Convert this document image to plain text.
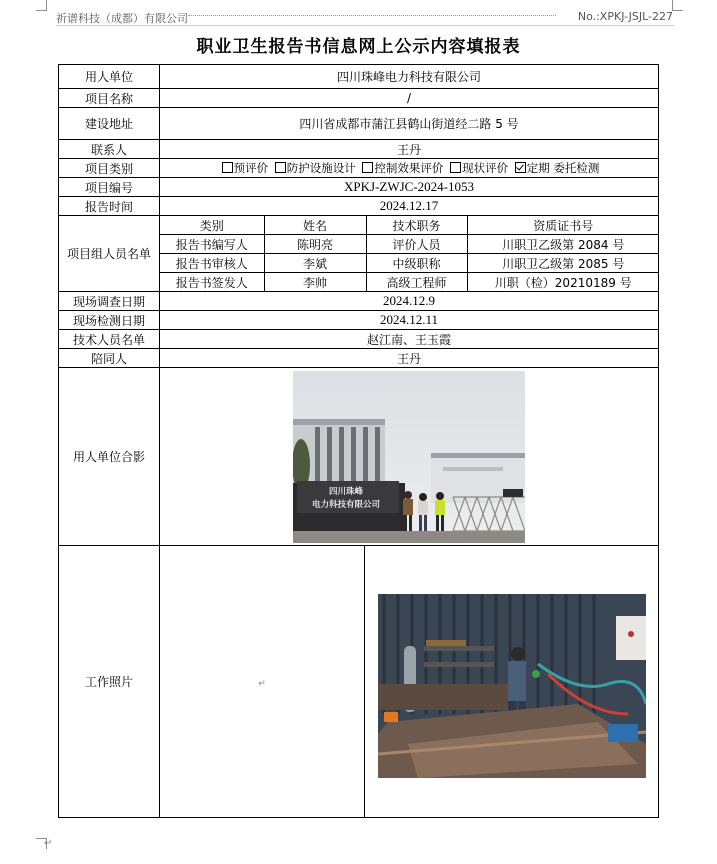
祈谱科技（成都）有限公司	No.:XPKJ-JSJL-227
职业卫生报告书信息网上公示内容填报表
用人单位	四川珠峰电力科技有限公司
项目名称	/
建设地址	四川省成都市蒲江县鹤山街道经二路 5 号
联系人	王丹
项目类别	预评价 防护设施设计 控制效果评价 现状评价 定期 委托检测
项目编号	XPKJ-ZWJC-2024-1053
报告时间	2024.12.17
项目组人员名单	
类别	姓名	技术职务	资质证书号
报告书编写人	陈明亮	评价人员	川职卫乙级第 2084 号
报告书审核人	李斌	中级职称	川职卫乙级第 2085 号
报告书签发人	李帅	高级工程师	川职（检）20210189 号

现场调查日期	2024.12.9
现场检测日期	2024.12.11
技术人员名单	赵江南、王玉霞
陪同人	王丹
用人单位合影	
四川珠峰
电力科技有限公司

工作照片	↵	
↵
